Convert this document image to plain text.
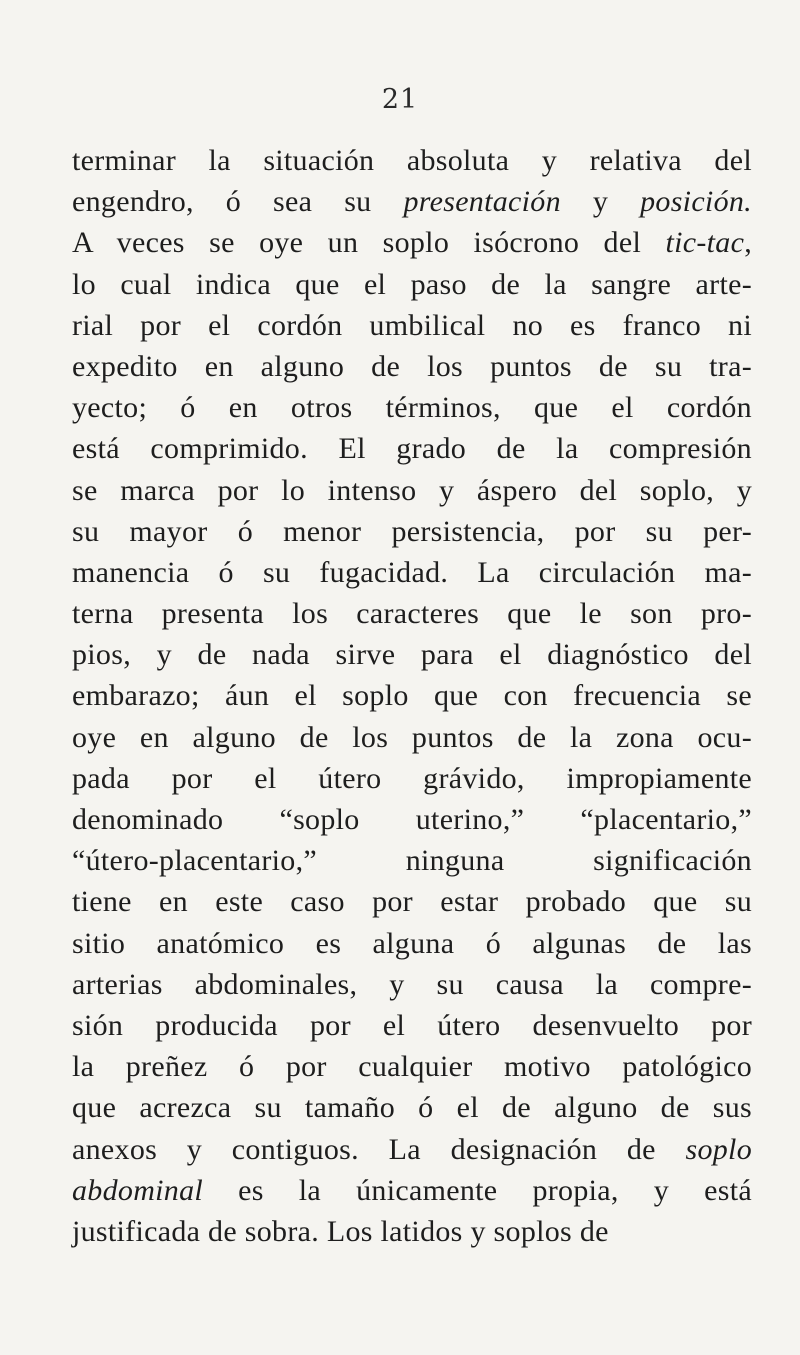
21
terminar la situación absoluta y relativa del
engendro, ó sea su presentación y posición.
A veces se oye un soplo isócrono del tic-tac,
lo cual indica que el paso de la sangre arte-
rial por el cordón umbilical no es franco ni
expedito en alguno de los puntos de su tra-
yecto; ó en otros términos, que el cordón
está comprimido. El grado de la compresión
se marca por lo intenso y áspero del soplo, y
su mayor ó menor persistencia, por su per-
manencia ó su fugacidad. La circulación ma-
terna presenta los caracteres que le son pro-
pios, y de nada sirve para el diagnóstico del
embarazo; áun el soplo que con frecuencia se
oye en alguno de los puntos de la zona ocu-
pada por el útero grávido, impropiamente
denominado “soplo uterino,” “placentario,”
“útero-placentario,” ninguna significación
tiene en este caso por estar probado que su
sitio anatómico es alguna ó algunas de las
arterias abdominales, y su causa la compre-
sión producida por el útero desenvuelto por
la preñez ó por cualquier motivo patológico
que acrezca su tamaño ó el de alguno de sus
anexos y contiguos. La designación de soplo
abdominal es la únicamente propia, y está
justificada de sobra. Los latidos y soplos de
